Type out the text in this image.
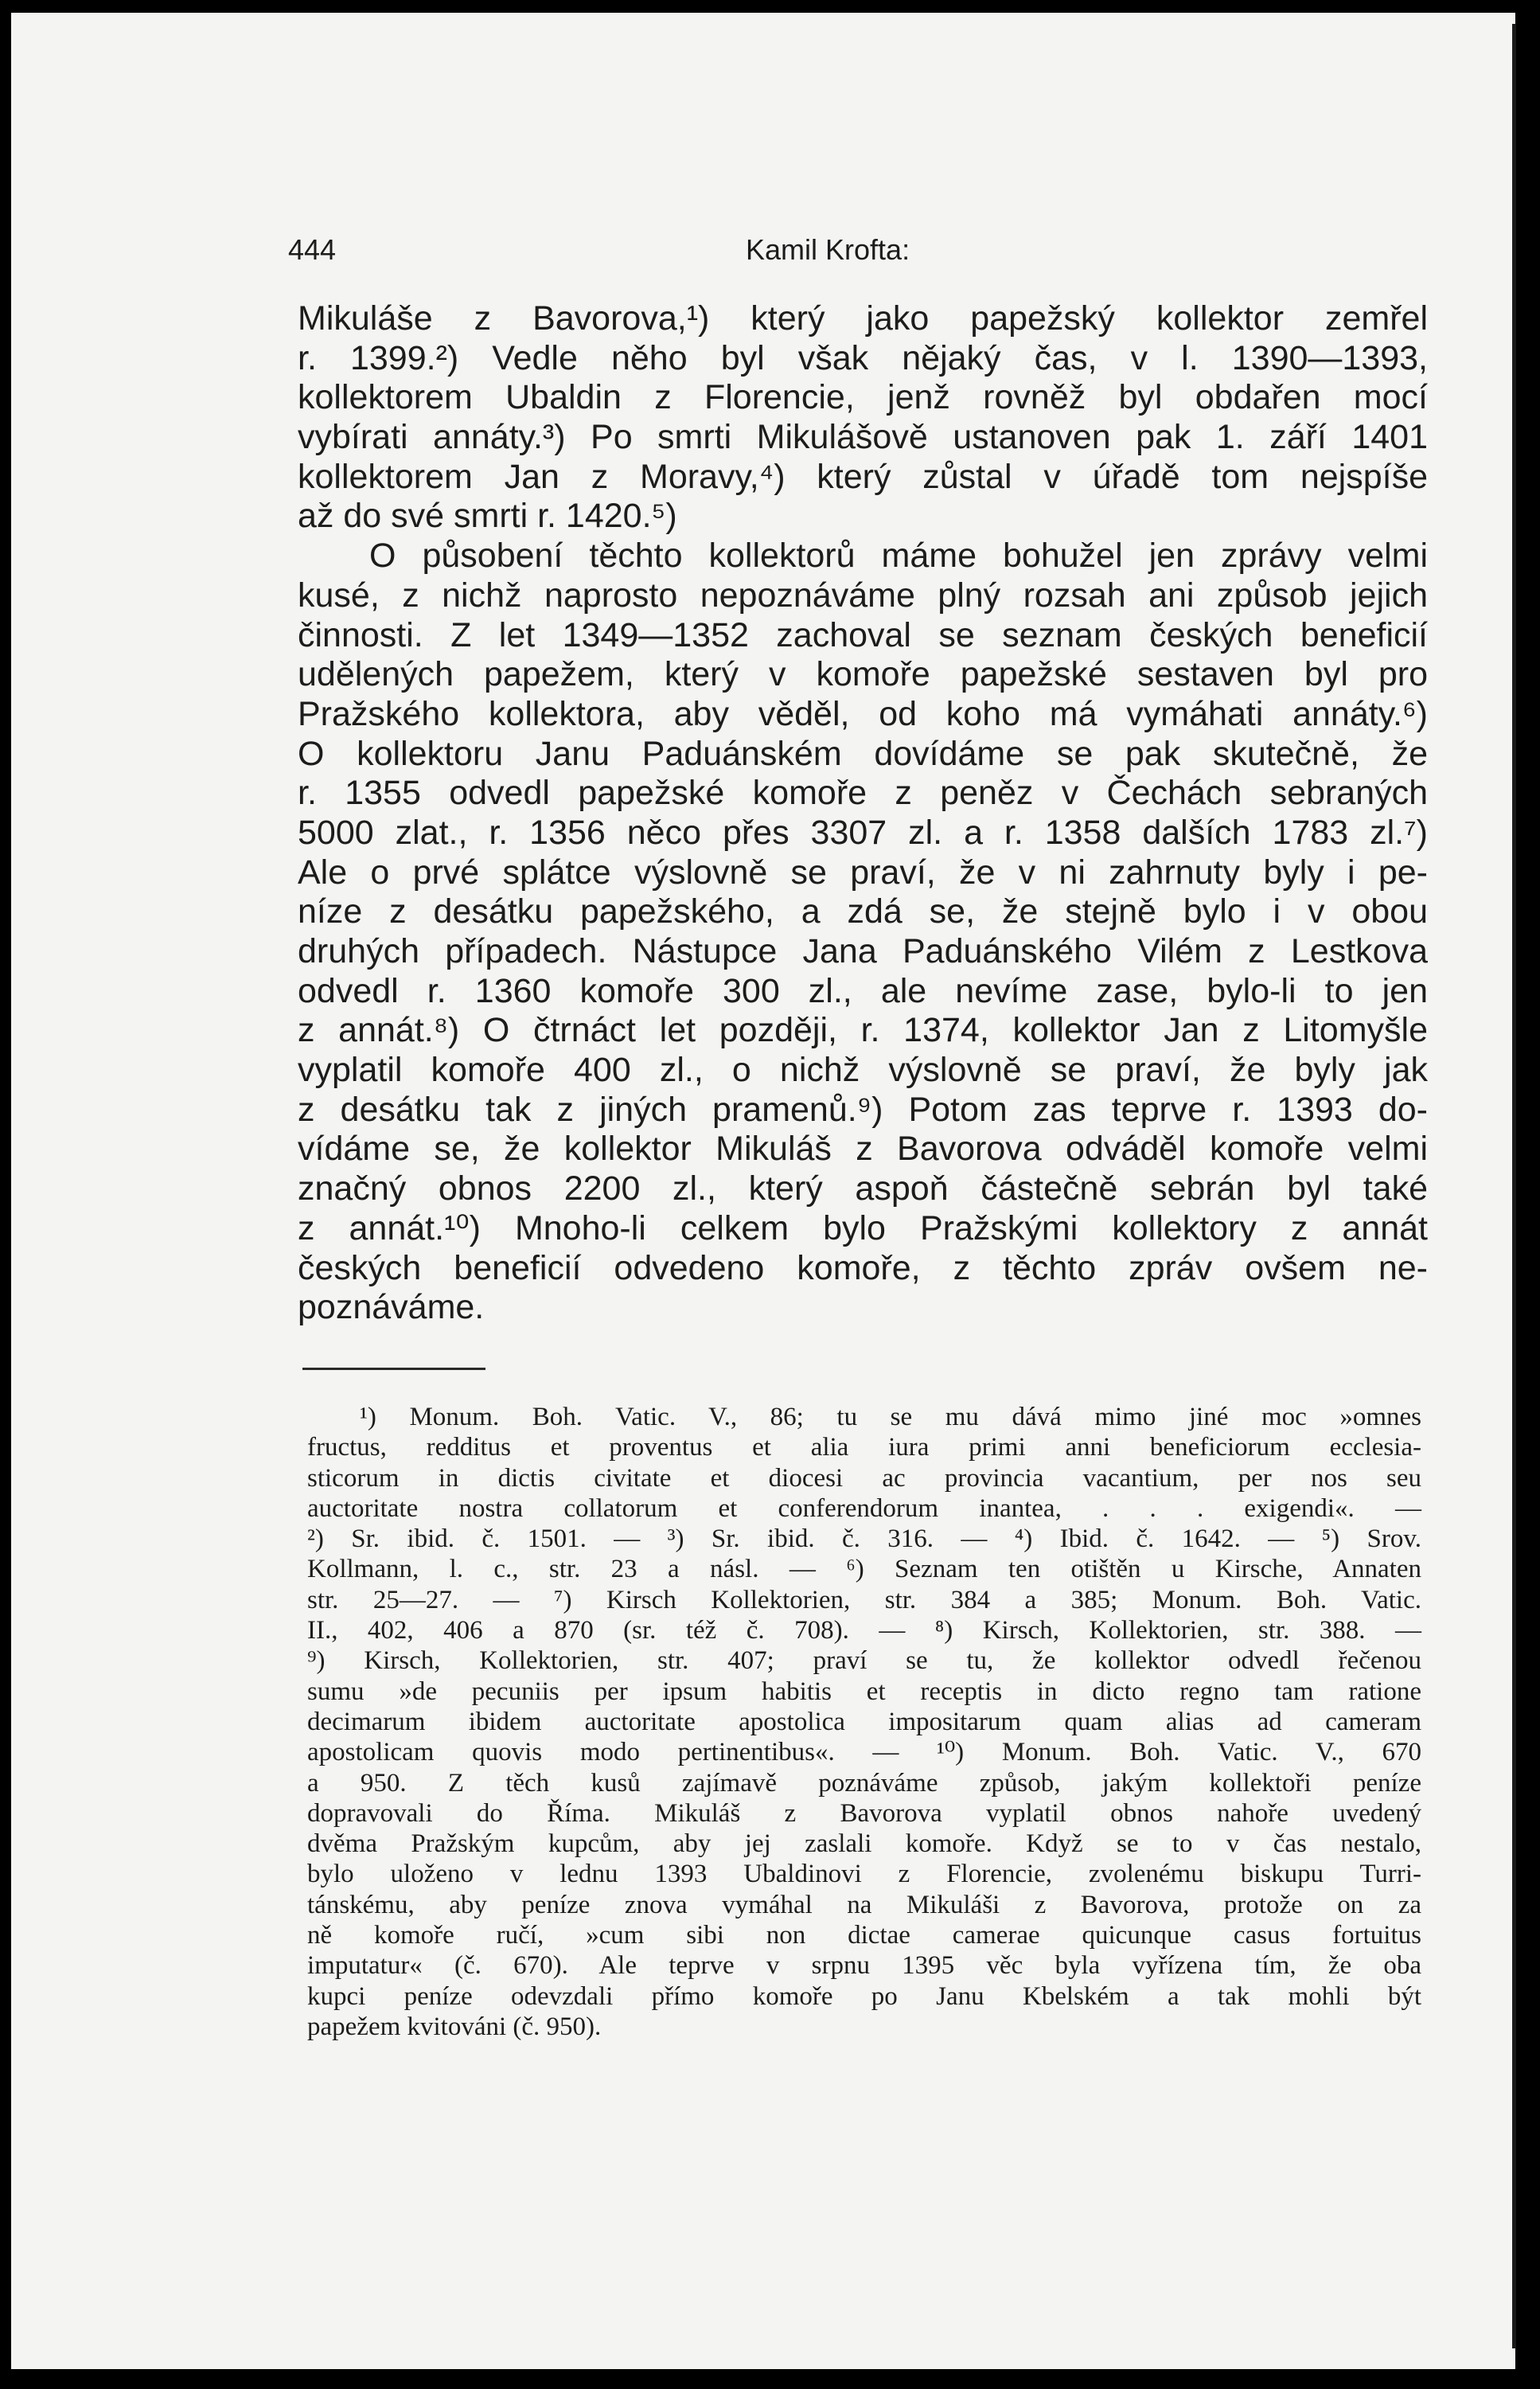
444	Kamil Krofta:
Mikuláše z Bavorova,¹) který jako papežský kollektor zemřel
r. 1399.²) Vedle něho byl však nějaký čas, v l. 1390—1393,
kollektorem Ubaldin z Florencie, jenž rovněž byl obdařen mocí
vybírati annáty.³) Po smrti Mikulášově ustanoven pak 1. září 1401
kollektorem Jan z Moravy,⁴) který zůstal v úřadě tom nejspíše
až do své smrti r. 1420.⁵)
O působení těchto kollektorů máme bohužel jen zprávy velmi
kusé, z nichž naprosto nepoznáváme plný rozsah ani způsob jejich
činnosti. Z let 1349—1352 zachoval se seznam českých beneficií
udělených papežem, který v komoře papežské sestaven byl pro
Pražského kollektora, aby věděl, od koho má vymáhati annáty.⁶)
O kollektoru Janu Paduánském dovídáme se pak skutečně, že
r. 1355 odvedl papežské komoře z peněz v Čechách sebraných
5000 zlat., r. 1356 něco přes 3307 zl. a r. 1358 dalších 1783 zl.⁷)
Ale o prvé splátce výslovně se praví, že v ni zahrnuty byly i pe-
níze z desátku papežského, a zdá se, že stejně bylo i v obou
druhých případech. Nástupce Jana Paduánského Vilém z Lestkova
odvedl r. 1360 komoře 300 zl., ale nevíme zase, bylo-li to jen
z annát.⁸) O čtrnáct let později, r. 1374, kollektor Jan z Litomyšle
vyplatil komoře 400 zl., o nichž výslovně se praví, že byly jak
z desátku tak z jiných pramenů.⁹) Potom zas teprve r. 1393 do-
vídáme se, že kollektor Mikuláš z Bavorova odváděl komoře velmi
značný obnos 2200 zl., který aspoň částečně sebrán byl také
z annát.¹⁰) Mnoho-li celkem bylo Pražskými kollektory z annát
českých beneficií odvedeno komoře, z těchto zpráv ovšem ne-
poznáváme.
¹) Monum. Boh. Vatic. V., 86; tu se mu dává mimo jiné moc »omnes
fructus, redditus et proventus et alia iura primi anni beneficiorum ecclesia-
sticorum in dictis civitate et diocesi ac provincia vacantium, per nos seu
auctoritate nostra collatorum et conferendorum inantea, . . . exigendi«. —
²) Sr. ibid. č. 1501. — ³) Sr. ibid. č. 316. — ⁴) Ibid. č. 1642. — ⁵) Srov.
Kollmann, l. c., str. 23 a násl. — ⁶) Seznam ten otištěn u Kirsche, Annaten
str. 25—27. — ⁷) Kirsch Kollektorien, str. 384 a 385; Monum. Boh. Vatic.
II., 402, 406 a 870 (sr. též č. 708). — ⁸) Kirsch, Kollektorien, str. 388. —
⁹) Kirsch, Kollektorien, str. 407; praví se tu, že kollektor odvedl řečenou
sumu »de pecuniis per ipsum habitis et receptis in dicto regno tam ratione
decimarum ibidem auctoritate apostolica impositarum quam alias ad cameram
apostolicam quovis modo pertinentibus«. — ¹⁰) Monum. Boh. Vatic. V., 670
a 950. Z těch kusů zajímavě poznáváme způsob, jakým kollektoři peníze
dopravovali do Říma. Mikuláš z Bavorova vyplatil obnos nahoře uvedený
dvěma Pražským kupcům, aby jej zaslali komoře. Když se to v čas nestalo,
bylo uloženo v lednu 1393 Ubaldinovi z Florencie, zvolenému biskupu Turri-
tánskému, aby peníze znova vymáhal na Mikuláši z Bavorova, protože on za
ně komoře ručí, »cum sibi non dictae camerae quicunque casus fortuitus
imputatur« (č. 670). Ale teprve v srpnu 1395 věc byla vyřízena tím, že oba
kupci peníze odevzdali přímo komoře po Janu Kbelském a tak mohli být
papežem kvitováni (č. 950).
